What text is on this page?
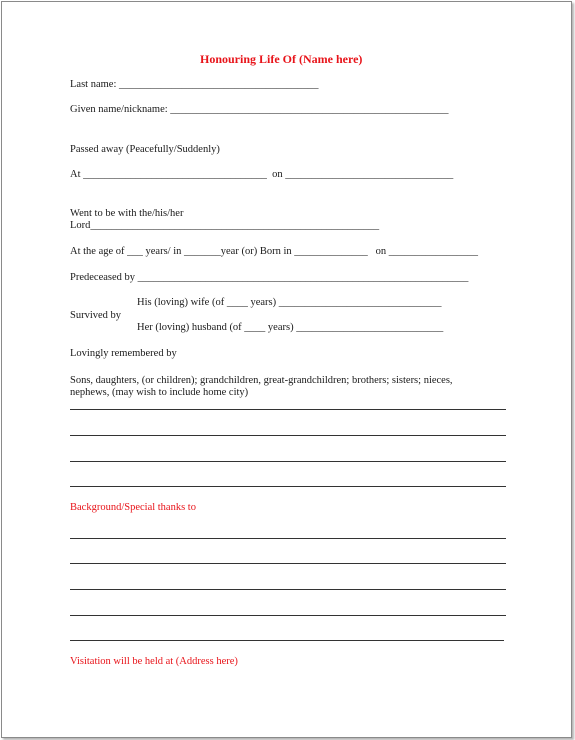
Honouring Life Of (Name here)
Last name: ______________________________________
Given name/nickname: _____________________________________________________
Passed away (Peacefully/Suddenly)
At ___________________________________  on ________________________________
Went to be with the/his/her
Lord_______________________________________________________
At the age of ___ years/ in _______year (or) Born in ______________   on _________________
Predeceased by _______________________________________________________________
His (loving) wife (of ____ years) _______________________________
Survived by
Her (loving) husband (of ____ years) ____________________________
Lovingly remembered by
Sons, daughters, (or children); grandchildren, great-grandchildren; brothers; sisters; nieces,
nephews, (may wish to include home city)
Background/Special thanks to
Visitation will be held at (Address here)
